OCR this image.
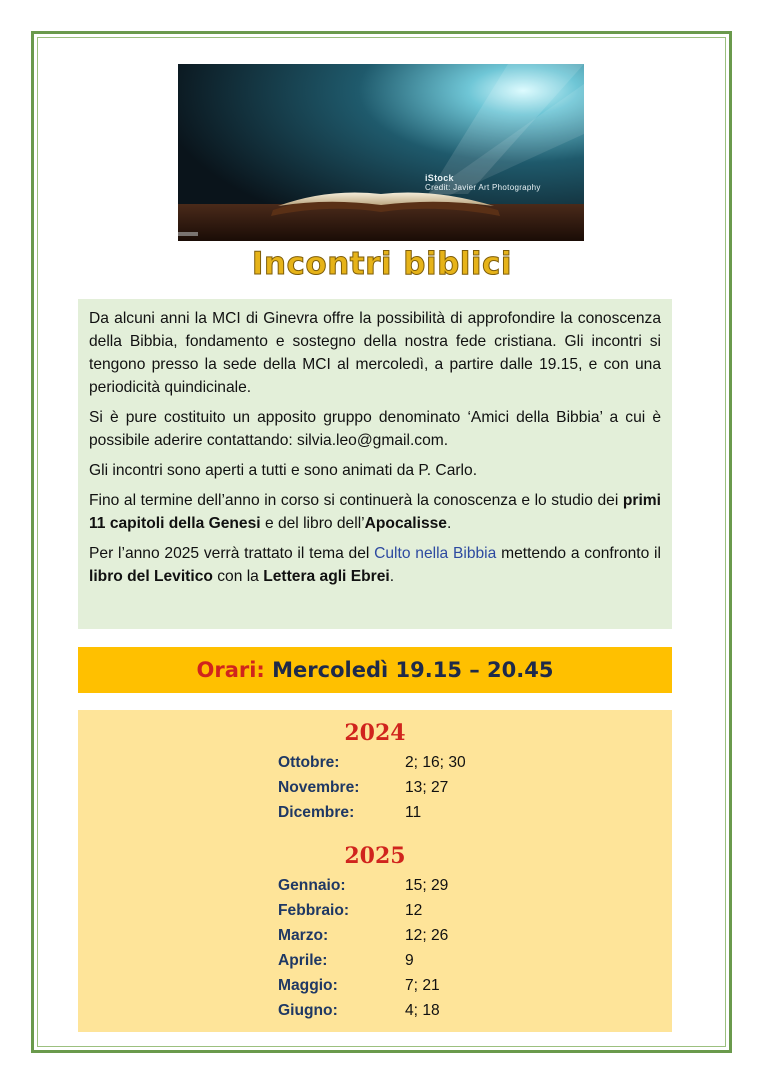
iStock
Credit: Javier Art Photography
Incontri biblici

Da alcuni anni la MCI di Ginevra offre la possibilità di approfondire la conoscenza della Bibbia, fondamento e sostegno della nostra fede cristiana. Gli incontri si tengono presso la sede della MCI al mercoledì, a partire dalle 19.15, e con una periodicità quindicinale.

Si è pure costituito un apposito gruppo denominato ‘Amici della Bibbia’ a cui è possibile aderire contattando: silvia.leo@gmail.com.

Gli incontri sono aperti a tutti e sono animati da P. Carlo.

Fino al termine dell’anno in corso si continuerà la conoscenza e lo studio dei primi 11 capitoli della Genesi e del libro dell’Apocalisse.

Per l’anno 2025 verrà trattato il tema del Culto nella Bibbia mettendo a confronto il libro del Levitico con la Lettera agli Ebrei.

Orari: Mercoledì 19.15 – 20.45
2024
Ottobre:	2; 16; 30
Novembre:	13; 27
Dicembre:	11
2025
Gennaio:	15; 29
Febbraio:	12
Marzo:	12; 26
Aprile:	9
Maggio:	7; 21
Giugno:	4; 18
